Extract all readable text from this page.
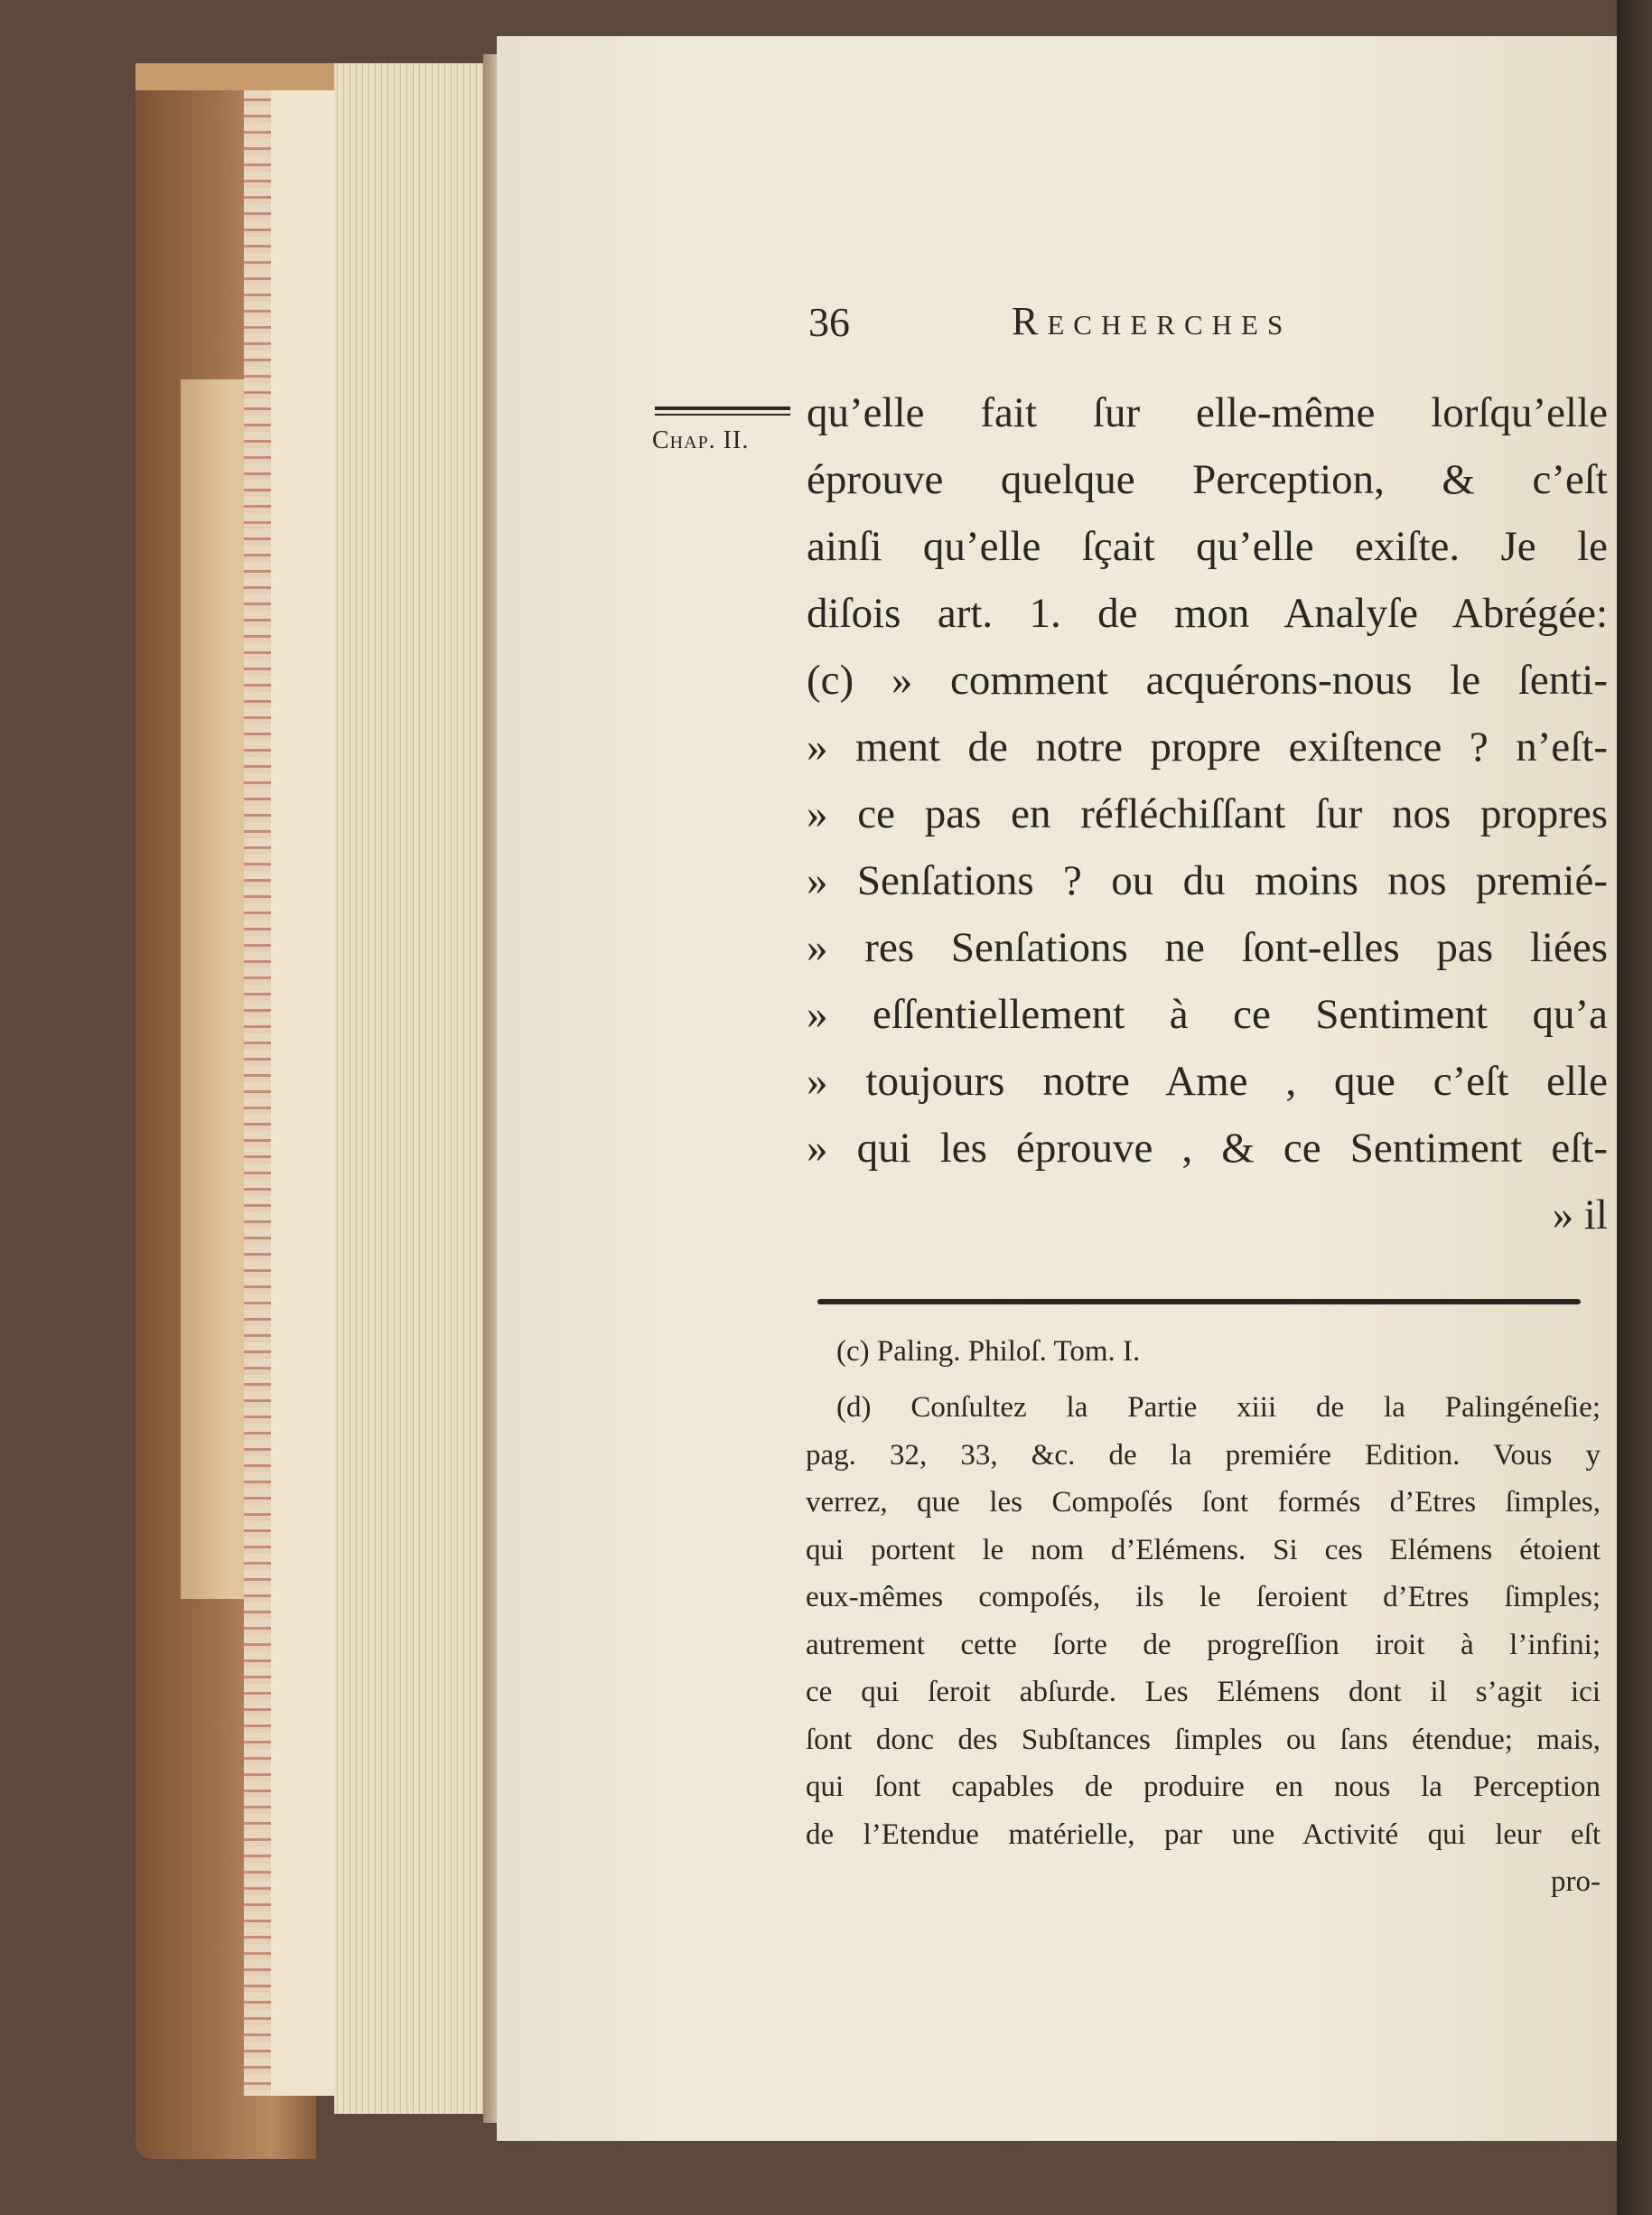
36	Recherches
Chap. II.
qu’elle fait ſur elle-même lorſqu’elle
éprouve quelque Perception, & c’eſt
ainſi qu’elle ſçait qu’elle exiſte. Je le
diſois art. 1. de mon Analyſe Abrégée:
(c) » comment acquérons-nous le ſenti-
» ment de notre propre exiſtence ? n’eſt-
» ce pas en réfléchiſſant ſur nos propres
» Senſations ? ou du moins nos premié-
» res Senſations ne ſont-elles pas liées
» eſſentiellement à ce Sentiment qu’a
» toujours notre Ame , que c’eſt elle
» qui les éprouve , & ce Sentiment eſt-
» il
(c) Paling. Philoſ. Tom. I.
(d) Conſultez la Partie xiii de la Palingéneſie;
pag. 32, 33, &c. de la premiére Edition. Vous y
verrez, que les Compoſés ſont formés d’Etres ſimples,
qui portent le nom d’Elémens. Si ces Elémens étoient
eux-mêmes compoſés, ils le ſeroient d’Etres ſimples;
autrement cette ſorte de progreſſion iroit à l’infini;
ce qui ſeroit abſurde. Les Elémens dont il s’agit ici
ſont donc des Subſtances ſimples ou ſans étendue; mais,
qui ſont capables de produire en nous la Perception
de l’Etendue matérielle, par une Activité qui leur eſt
pro-
